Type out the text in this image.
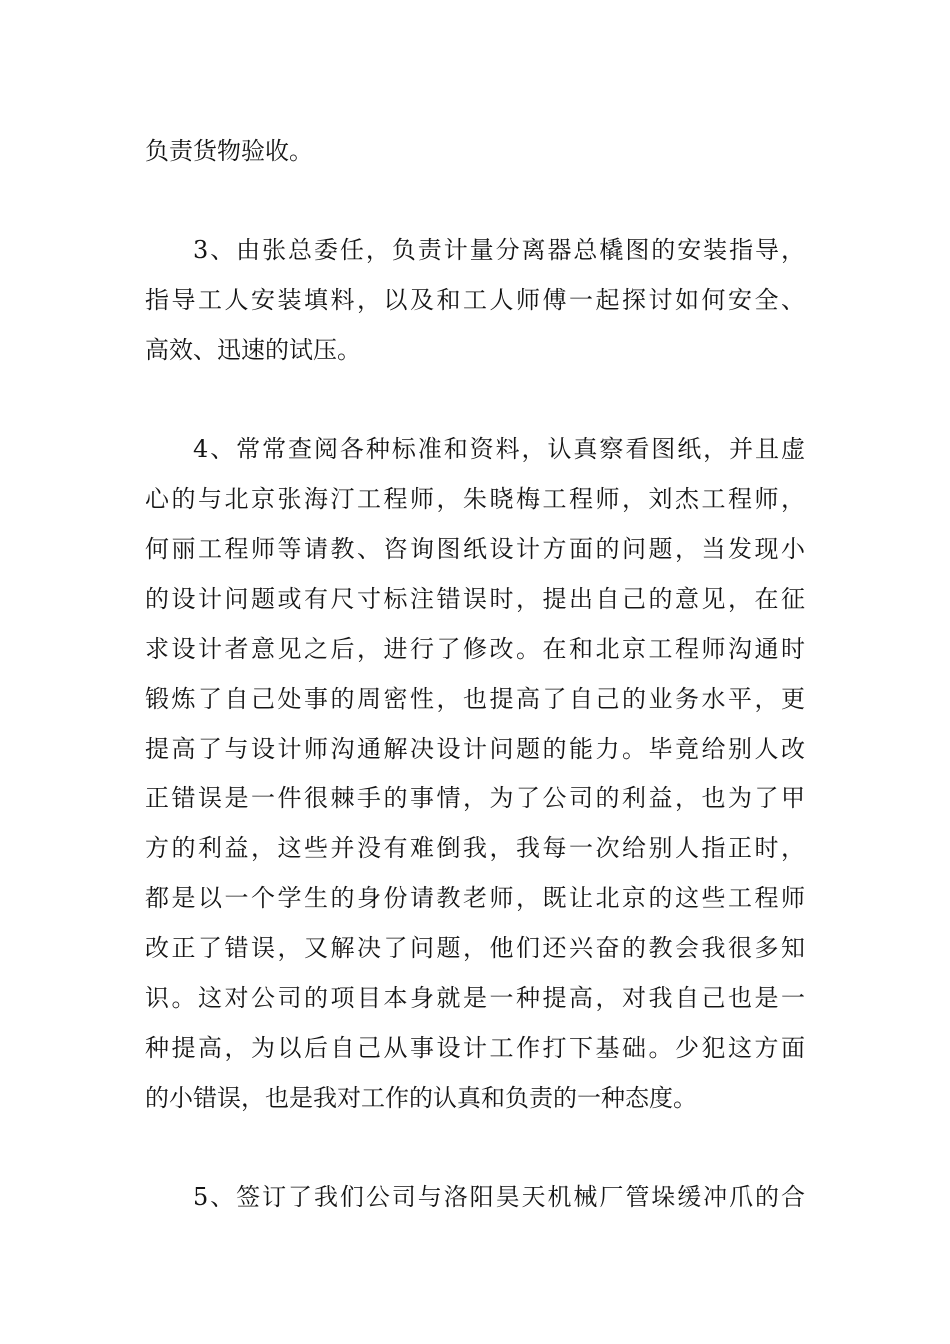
负责货物验收。
3、由张总委任，负责计量分离器总橇图的安装指导，
指导工人安装填料，以及和工人师傅一起探讨如何安全、
高效、迅速的试压。
4、常常查阅各种标准和资料，认真察看图纸，并且虚
心的与北京张海汀工程师，朱晓梅工程师，刘杰工程师，
何丽工程师等请教、咨询图纸设计方面的问题，当发现小
的设计问题或有尺寸标注错误时，提出自己的意见，在征
求设计者意见之后，进行了修改。在和北京工程师沟通时
锻炼了自己处事的周密性，也提高了自己的业务水平，更
提高了与设计师沟通解决设计问题的能力。毕竟给别人改
正错误是一件很棘手的事情，为了公司的利益，也为了甲
方的利益，这些并没有难倒我，我每一次给别人指正时，
都是以一个学生的身份请教老师，既让北京的这些工程师
改正了错误，又解决了问题，他们还兴奋的教会我很多知
识。这对公司的项目本身就是一种提高，对我自己也是一
种提高，为以后自己从事设计工作打下基础。少犯这方面
的小错误，也是我对工作的认真和负责的一种态度。
5、签订了我们公司与洛阳昊天机械厂管垛缓冲爪的合
